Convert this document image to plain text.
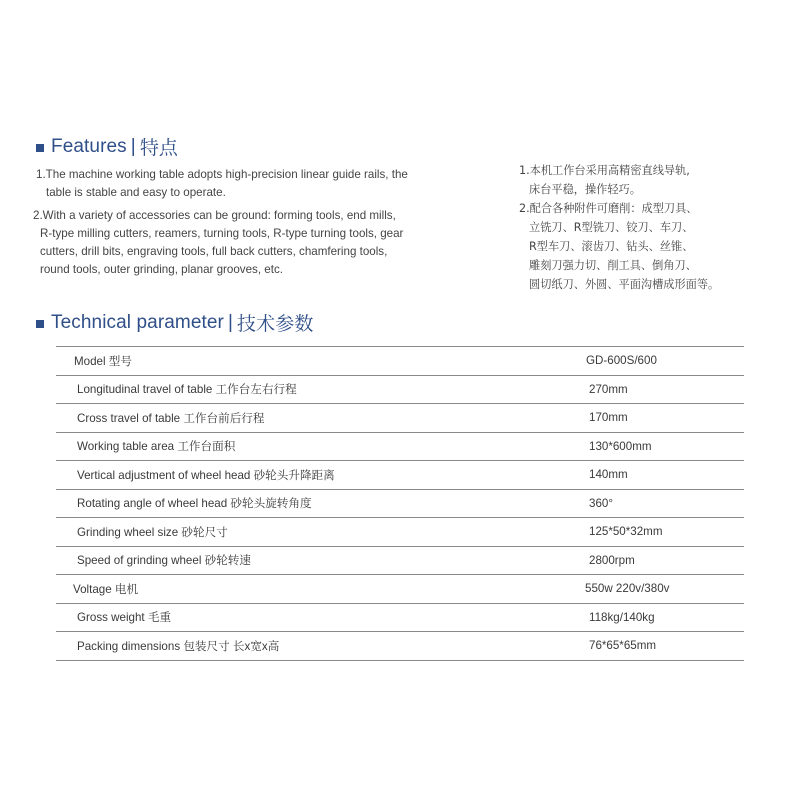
Features | 特点
1.The machine working table adopts high-precision linear guide rails, the
table is stable and easy to operate.
2.With a variety of accessories can be ground: forming tools, end mills,
R-type milling cutters, reamers, turning tools, R-type turning tools, gear
cutters, drill bits, engraving tools, full back cutters, chamfering tools,
round tools, outer grinding, planar grooves, etc.
1.本机工作台采用高精密直线导轨,
床台平稳，操作轻巧。
2.配合各种附件可磨削：成型刀具、
立铣刀、R型铣刀、铰刀、车刀、
R型车刀、滚齿刀、钻头、丝锥、
雕刻刀强力切、削工具、倒角刀、
圆切纸刀、外圆、平面沟槽成形面等。
Technical parameter | 技术参数
Model 型号	GD-600S/600
Longitudinal travel of table 工作台左右行程	270mm
Cross travel of table 工作台前后行程	170mm
Working table area 工作台面积	130*600mm
Vertical adjustment of wheel head 砂轮头升降距离	140mm
Rotating angle of wheel head 砂轮头旋转角度	360°
Grinding wheel size 砂轮尺寸	125*50*32mm
Speed of grinding wheel 砂轮转速	2800rpm
Voltage 电机	550w 220v/380v
Gross weight 毛重	118kg/140kg
Packing dimensions 包装尺寸 长x宽x高	76*65*65mm
